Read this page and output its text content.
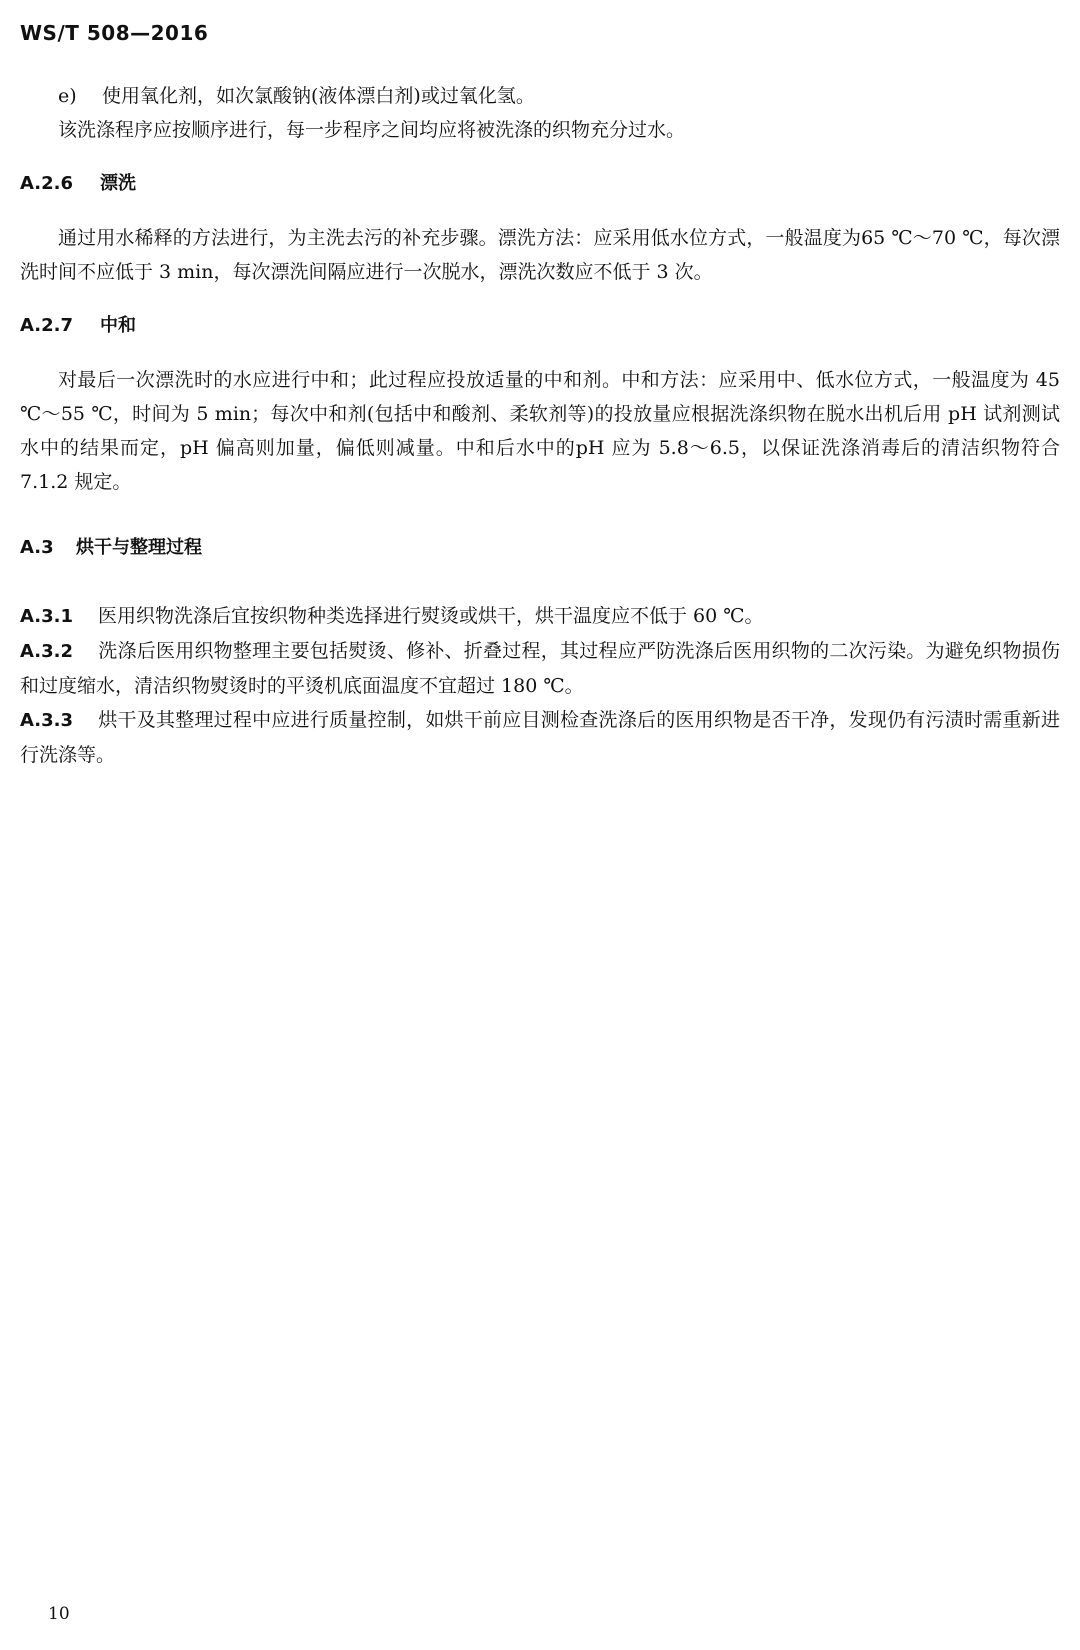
WS/T 508—2016

e) 使用氧化剂，如次氯酸钠(液体漂白剂)或过氧化氢。

该洗涤程序应按顺序进行，每一步程序之间均应将被洗涤的织物充分过水。

A.2.6 漂洗

通过用水稀释的方法进行，为主洗去污的补充步骤。漂洗方法：应采用低水位方式，一般温度为65 ℃～70 ℃，每次漂洗时间不应低于 3 min，每次漂洗间隔应进行一次脱水，漂洗次数应不低于 3 次。

A.2.7 中和

对最后一次漂洗时的水应进行中和；此过程应投放适量的中和剂。中和方法：应采用中、低水位方式，一般温度为 45 ℃～55 ℃，时间为 5 min；每次中和剂(包括中和酸剂、柔软剂等)的投放量应根据洗涤织物在脱水出机后用 pH 试剂测试水中的结果而定，pH 偏高则加量，偏低则减量。中和后水中的pH 应为 5.8～6.5，以保证洗涤消毒后的清洁织物符合 7.1.2 规定。

A.3 烘干与整理过程

A.3.1 医用织物洗涤后宜按织物种类选择进行熨烫或烘干，烘干温度应不低于 60 ℃。

A.3.2 洗涤后医用织物整理主要包括熨烫、修补、折叠过程，其过程应严防洗涤后医用织物的二次污染。为避免织物损伤和过度缩水，清洁织物熨烫时的平烫机底面温度不宜超过 180 ℃。

A.3.3 烘干及其整理过程中应进行质量控制，如烘干前应目测检查洗涤后的医用织物是否干净，发现仍有污渍时需重新进行洗涤等。

10
